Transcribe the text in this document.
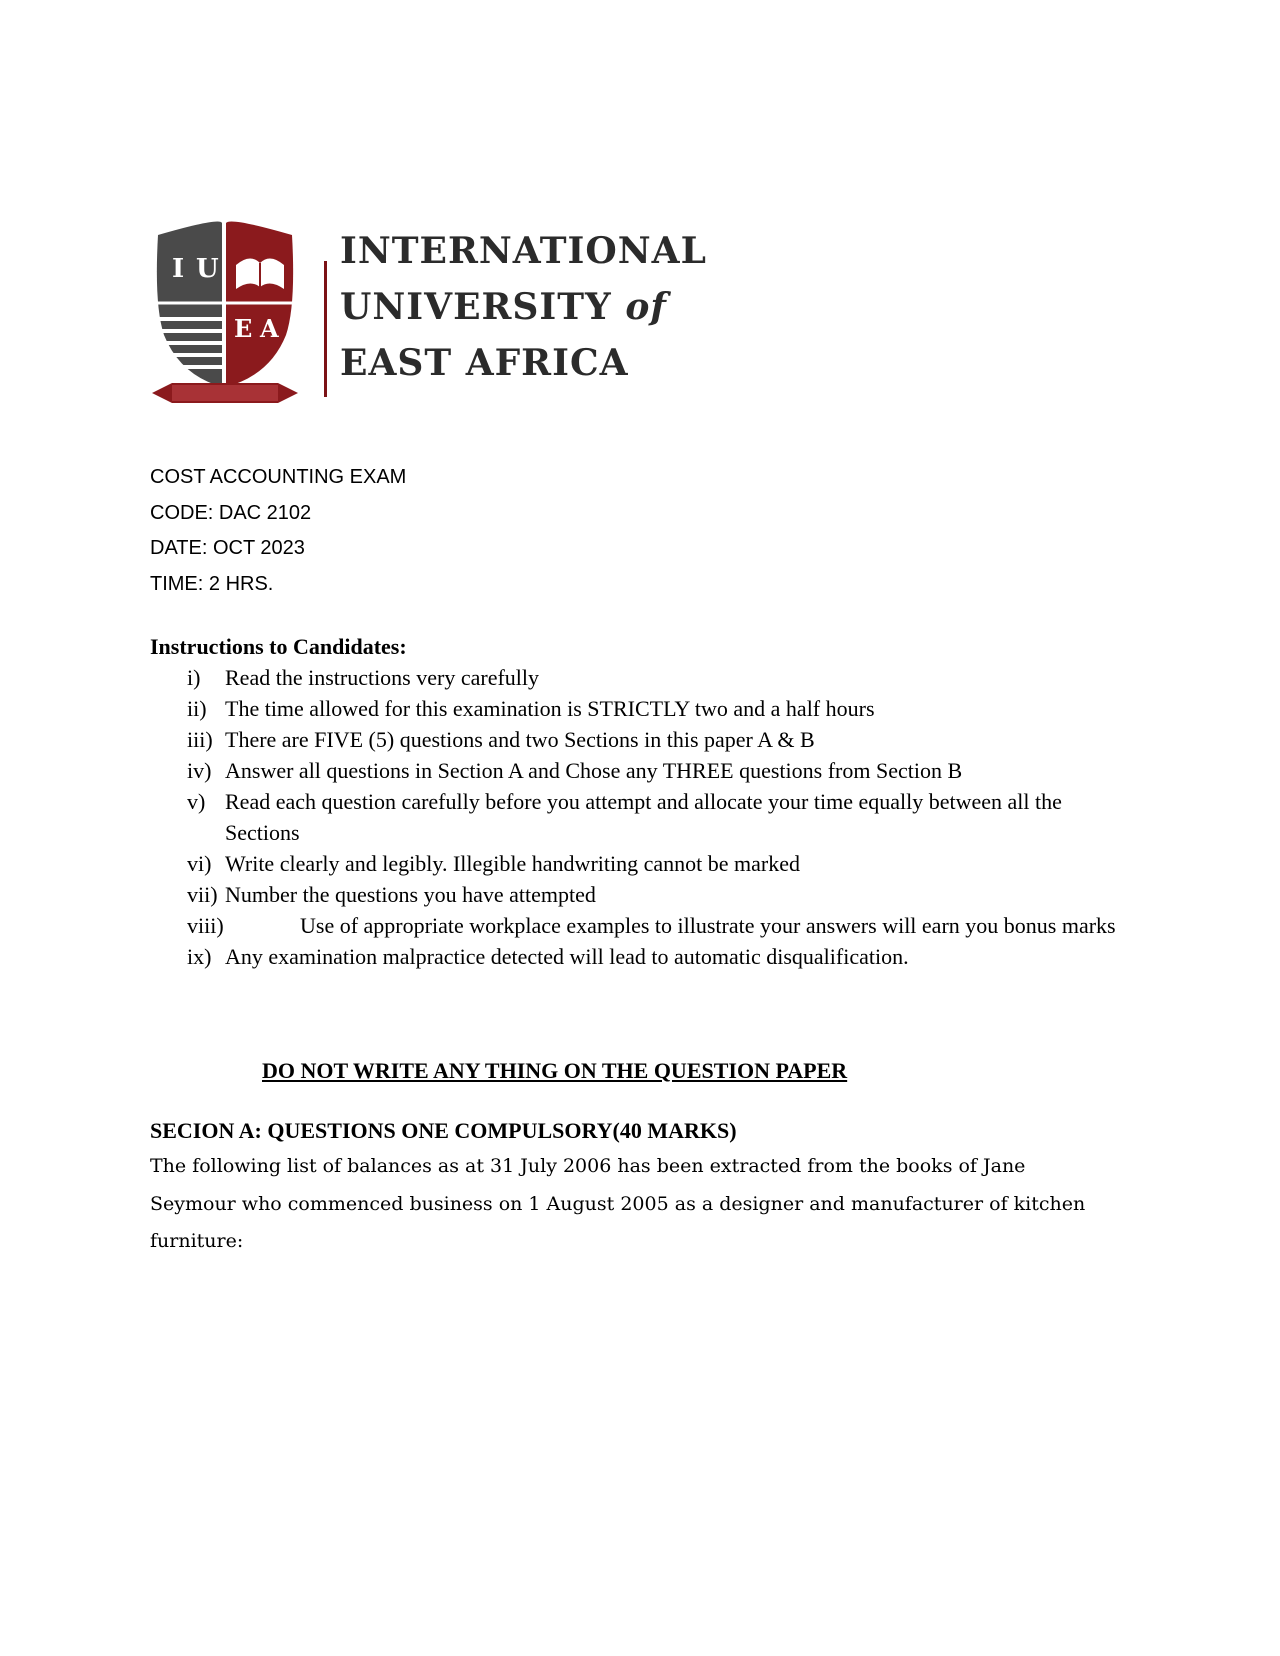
I U
E A
INTERNATIONAL
UNIVERSITY of
EAST AFRICA
COST ACCOUNTING EXAM
CODE: DAC 2102
DATE: OCT 2023
TIME: 2 HRS.

Instructions to Candidates:

i) Read the instructions very carefully
ii) The time allowed for this examination is STRICTLY two and a half hours
iii) There are FIVE (5) questions and two Sections in this paper A & B
iv) Answer all questions in Section A and Chose any THREE questions from Section B
v) Read each question carefully before you attempt and allocate your time equally between all the Sections
vi) Write clearly and legibly. Illegible handwriting cannot be marked
vii) Number the questions you have attempted
viii)	Use of appropriate workplace examples to illustrate your answers will earn you bonus marks
ix) Any examination malpractice detected will lead to automatic disqualification.
DO NOT WRITE ANY THING ON THE QUESTION PAPER
SECION A: QUESTIONS ONE COMPULSORY(40 MARKS)
The following list of balances as at 31 July 2006 has been extracted from the books of Jane Seymour who commenced business on 1 August 2005 as a designer and manufacturer of kitchen furniture:
